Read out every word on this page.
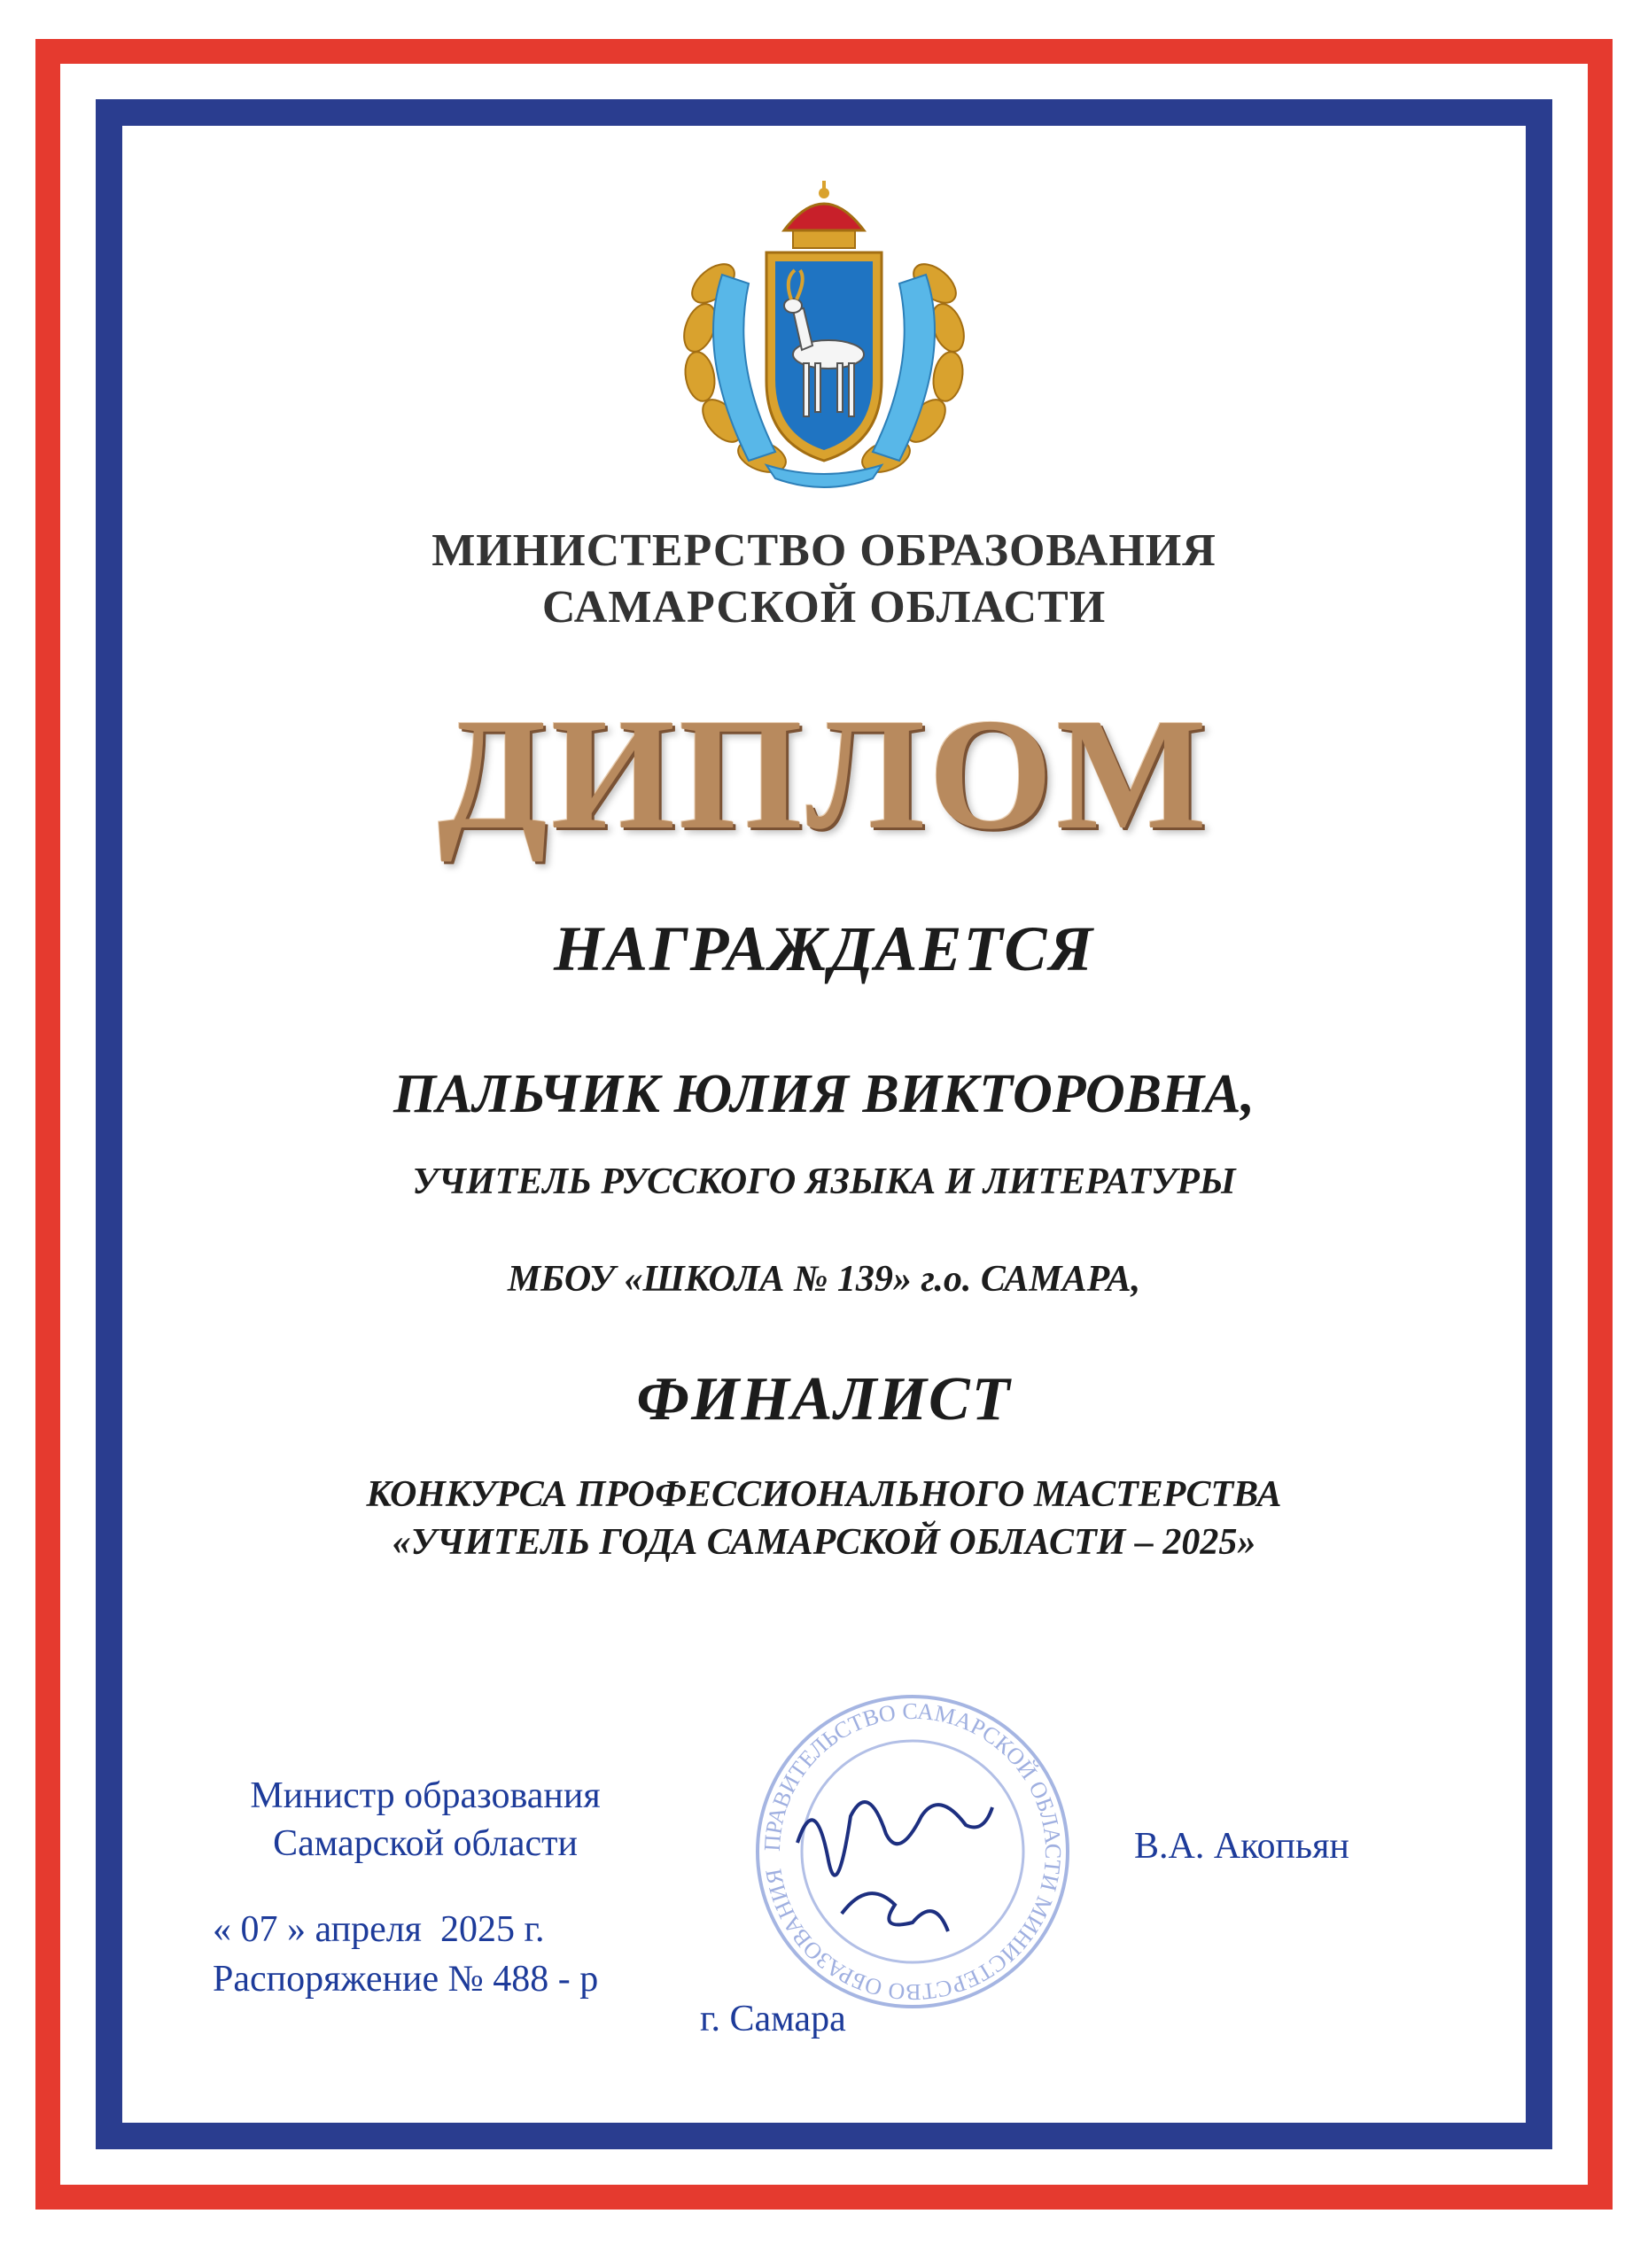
МИНИСТЕРСТВО ОБРАЗОВАНИЯ
САМАРСКОЙ ОБЛАСТИ
ДИПЛОМ
НАГРАЖДАЕТСЯ
ПАЛЬЧИК ЮЛИЯ ВИКТОРОВНА,
УЧИТЕЛЬ РУССКОГО ЯЗЫКА И ЛИТЕРАТУРЫ
МБОУ «ШКОЛА № 139» г.о. САМАРА,
ФИНАЛИСТ
КОНКУРСА ПРОФЕССИОНАЛЬНОГО МАСТЕРСТВА
«УЧИТЕЛЬ ГОДА САМАРСКОЙ ОБЛАСТИ – 2025»
Министр образования
Самарской области
« 07 » апреля  2025 г.
Распоряжение № 488 - р
ПРАВИТЕЛЬСТВО САМАРСКОЙ ОБЛАСТИ МИНИСТЕРСТВО ОБРАЗОВАНИЯ
г. Самара
В.А. Акопьян
